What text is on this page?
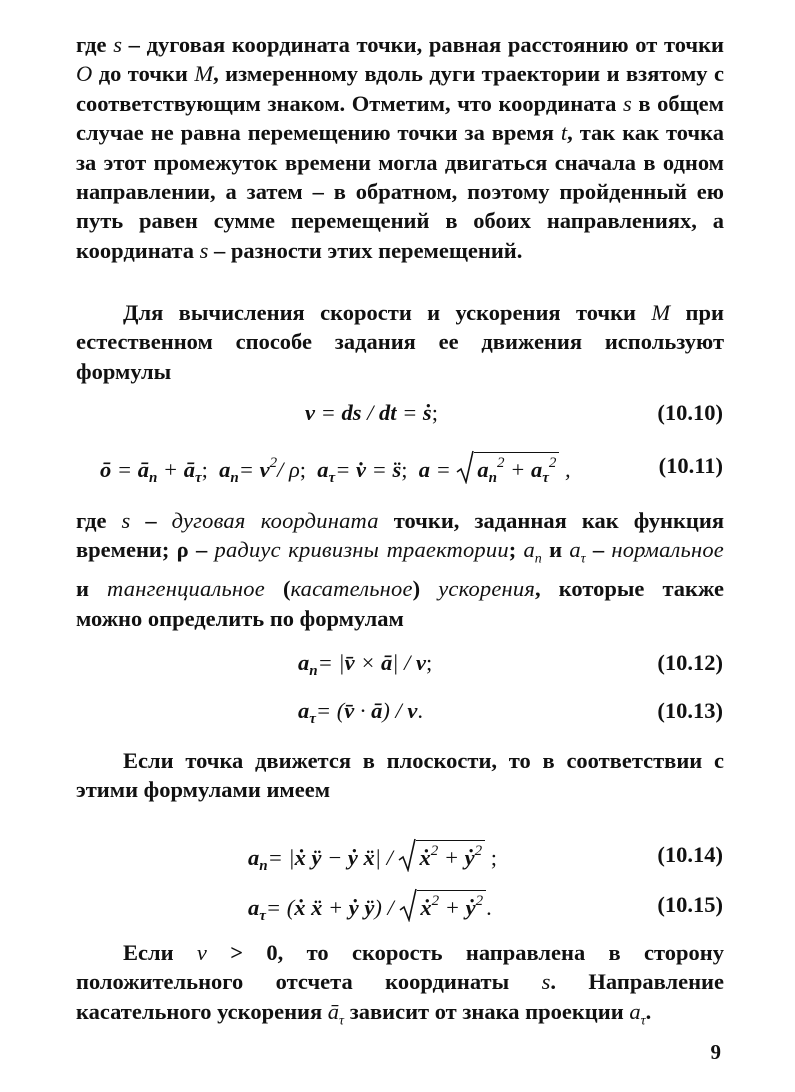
где s – дуговая координата точки, равная расстоянию от точки O до точки M, измеренному вдоль дуги траектории и взятому с соответствующим знаком. Отметим, что координата s в общем случае не равна перемещению точки за время t, так как точка за этот промежуток времени могла двигаться сначала в одном направлении, а затем – в обратном, поэтому пройденный ею путь равен сумме перемещений в обоих направлениях, а координата s – разности этих перемещений.
Для вычисления скорости и ускорения точки M при естественном способе задания ее движения используют формулы
v = ds / dt = ṡ;	(10.10)
ō = $ā_n$ + $ā_\tau$; $a_n= v^2/$ ρ; $a_\tau=$ v̇ = s̈; a =
$a_n^2 + a_\tau^2$ ,	(10.11)
где s – дуговая координата точки, заданная как функция времени; ρ – радиус кривизны траектории; $a_n$ и $a_\tau$ – нормальное и тангенциальное (касательное) ускорения, которые также можно определить по формулам
$a_n=$ |v̄ × ā| / v;	(10.12)
$a_\tau=$ (v̄ · ā) / v.	(10.13)
Если точка движется в плоскости, то в соответствии с этими формулами имеем
$a_n=$ |ẋ ÿ − ẏ ẍ| /
ẋ$^2$ + ẏ$^2$ ;	(10.14)
$a_\tau=$ (ẋ ẍ + ẏ ÿ) /
ẋ$^2$ + ẏ$^2$ .	(10.15)
Если v > 0, то скорость направлена в сторону положительного отсчета координаты s. Направление касательного ускорения $ā_\tau$ зависит от знака проекции $a_\tau$.
9
